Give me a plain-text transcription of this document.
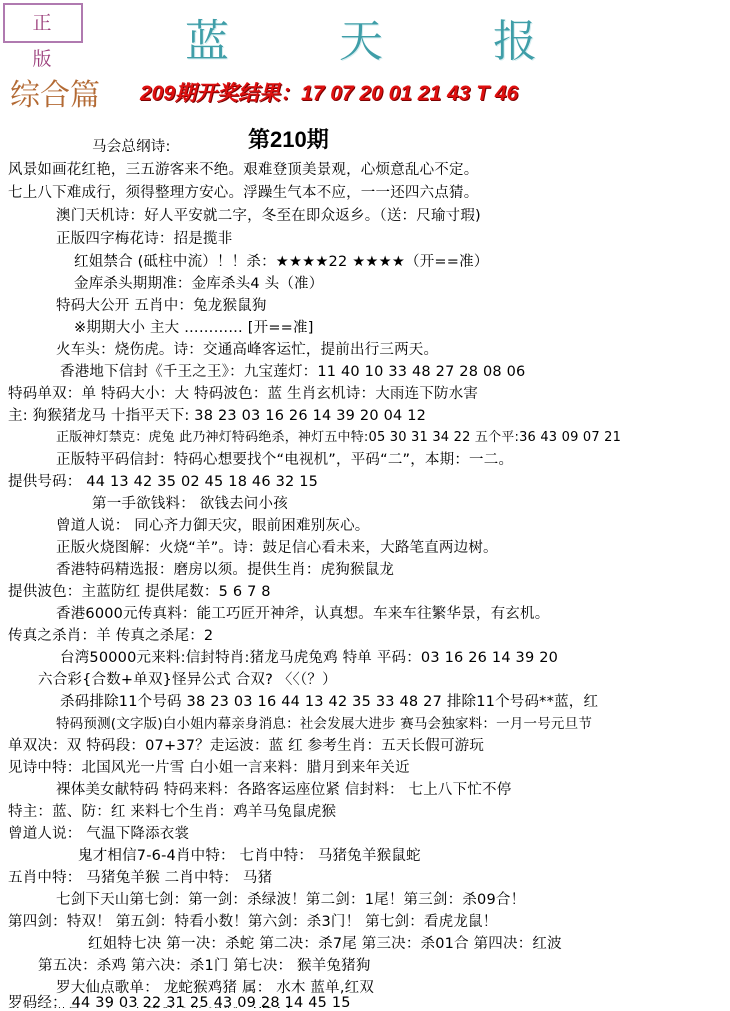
正 版	蓝 天 报
综合篇 209期开奖结果：17 07 20 01 21 43 T 46
第210期
马会总纲诗:
风景如画花红艳，三五游客来不绝。艰难登顶美景观，心烦意乱心不定。
七上八下难成行，须得整理方安心。浮躁生气本不应，一一还四六点猜。
澳门天机诗：好人平安就二字，冬至在即众返乡。（送：尺瑜寸瑕)
正版四字梅花诗：招是揽非
红姐禁合 (砥柱中流）！！杀：★★★★22 ★★★★（开==准）
金库杀头期期准：金库杀头4 头（准）
特码大公开 五肖中：兔龙猴鼠狗
※期期大小 主大 ………… [开==准]
火车头：烧伤虎。诗：交通高峰客运忙，提前出行三两天。
香港地下信封《千王之王》：九宝莲灯：11 40 10 33 48 27 28 08 06
特码单双：单 特码大小：大 特码波色：蓝 生肖玄机诗：大雨连下防水害
主: 狗猴猪龙马 十指平天下: 38 23 03 16 26 14 39 20 04 12
正版神灯禁克：虎兔 此乃神灯特码绝杀，神灯五中特:05 30 31 34 22 五个平:36 43 09 07 21
正版特平码信封：特码心想要找个“电视机”，平码“二”，本期：一二。
提供号码： 44 13 42 35 02 45 18 46 32 15
第一手欲钱料： 欲钱去问小孩
曾道人说： 同心齐力御天灾，眼前困难别灰心。
正版火烧图解：火烧“羊”。诗：鼓足信心看未来，大路笔直两边树。
香港特码精选报：磨房以须。提供生肖：虎狗猴鼠龙
提供波色：主蓝防红 提供尾数：5 6 7 8
香港6000元传真料：能工巧匠开神斧，认真想。车来车往繁华景，有玄机。
传真之杀肖：羊 传真之杀尾：2
台湾50000元来料:信封特肖:猪龙马虎兔鸡 特单 平码：03 16 26 14 39 20
六合彩{合数+单双}怪异公式 合双? 〈〈（？）
杀码排除11个号码 38 23 03 16 44 13 42 35 33 48 27 排除11个号码**蓝，红
特码预测(文字版)白小姐内幕亲身消息：社会发展大进步 赛马会独家料：一月一号元旦节
单双决：双 特码段：07+37？走运波：蓝 红 参考生肖：五天长假可游玩
见诗中特：北国风光一片雪 白小姐一言来料：腊月到来年关近
裸体美女献特码 特码来料：各路客运座位紧 信封料： 七上八下忙不停
特主：蓝、防：红 来料七个生肖：鸡羊马兔鼠虎猴
曾道人说： 气温下降添衣裳
鬼才相信7-6-4肖中特： 七肖中特： 马猪兔羊猴鼠蛇
五肖中特： 马猪兔羊猴 二肖中特： 马猪
七剑下天山第七剑：第一剑：杀绿波！第二剑：1尾！第三剑：杀09合！
第四剑：特双！ 第五剑：特看小数！第六剑：杀3门！ 第七剑：看虎龙鼠！
红姐特七决 第一决：杀蛇 第二决：杀7尾 第三决：杀01合 第四决：红波
第五决：杀鸡 第六决：杀1门 第七决： 猴羊兔猪狗
罗大仙点歌单： 龙蛇猴鸡猪 属： 水木 蓝单,红双
罗码经： 44 39 03 22 31 25 43 09 28 14 45 15
